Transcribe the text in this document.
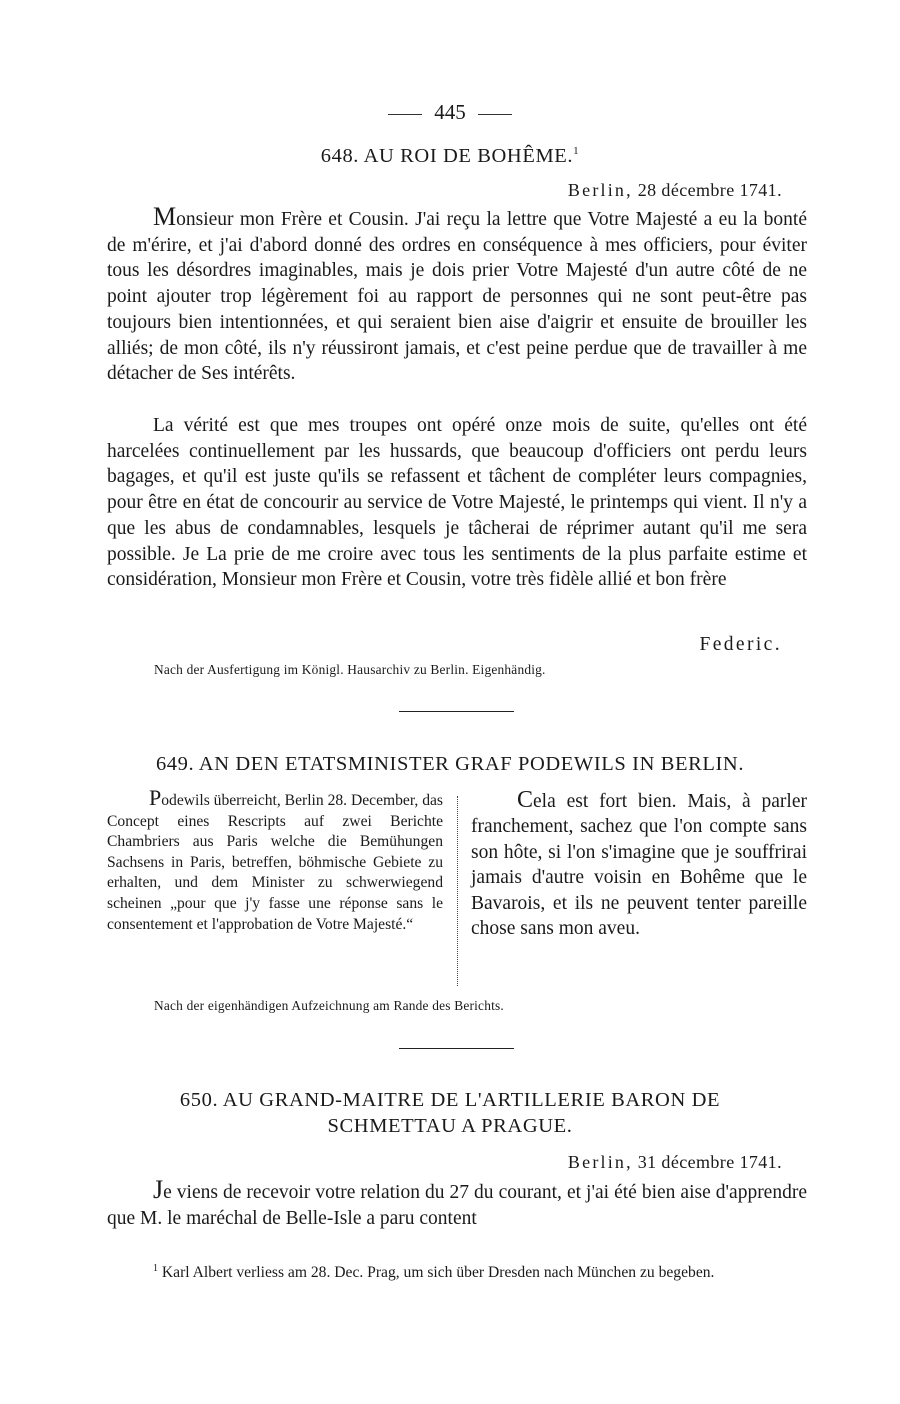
445
648. AU ROI DE BOHÊME.$^1$
Berlin, 28 décembre 1741.
Monsieur mon Frère et Cousin. J'ai reçu la lettre que Votre Majesté a eu la bonté de m'érire, et j'ai d'abord donné des ordres en conséquence à mes officiers, pour éviter tous les désordres imaginables, mais je dois prier Votre Majesté d'un autre côté de ne point ajouter trop légèrement foi au rapport de personnes qui ne sont peut-être pas toujours bien intentionnées, et qui seraient bien aise d'aigrir et ensuite de brouiller les alliés; de mon côté, ils n'y réussiront jamais, et c'est peine perdue que de travailler à me détacher de Ses intérêts.
La vérité est que mes troupes ont opéré onze mois de suite, qu'elles ont été harcelées continuellement par les hussards, que beaucoup d'officiers ont perdu leurs bagages, et qu'il est juste qu'ils se refassent et tâchent de compléter leurs compagnies, pour être en état de concourir au service de Votre Majesté, le printemps qui vient. Il n'y a que les abus de condamnables, lesquels je tâcherai de réprimer autant qu'il me sera possible. Je La prie de me croire avec tous les sentiments de la plus parfaite estime et considération, Monsieur mon Frère et Cousin, votre très fidèle allié et bon frère
Federic.
Nach der Ausfertigung im Königl. Hausarchiv zu Berlin. Eigenhändig.
649. AN DEN ETATSMINISTER GRAF PODEWILS IN BERLIN.
Podewils überreicht, Berlin 28. December, das Concept eines Rescripts auf zwei Berichte Chambriers aus Paris welche die Bemühungen Sachsens in Paris, betreffen, böhmische Gebiete zu erhalten, und dem Minister zu schwerwiegend scheinen „pour que j'y fasse une réponse sans le consentement et l'approbation de Votre Majesté.“
Cela est fort bien. Mais, à parler franchement, sachez que l'on compte sans son hôte, si l'on s'imagine que je souffrirai jamais d'autre voisin en Bohême que le Bavarois, et ils ne peuvent tenter pareille chose sans mon aveu.
Nach der eigenhändigen Aufzeichnung am Rande des Berichts.
650. AU GRAND-MAITRE DE L'ARTILLERIE BARON DE
SCHMETTAU A PRAGUE.
Berlin, 31 décembre 1741.
Je viens de recevoir votre relation du 27 du courant, et j'ai été bien aise d'apprendre que M. le maréchal de Belle-Isle a paru content
$^1$ Karl Albert verliess am 28. Dec. Prag, um sich über Dresden nach München zu begeben.
